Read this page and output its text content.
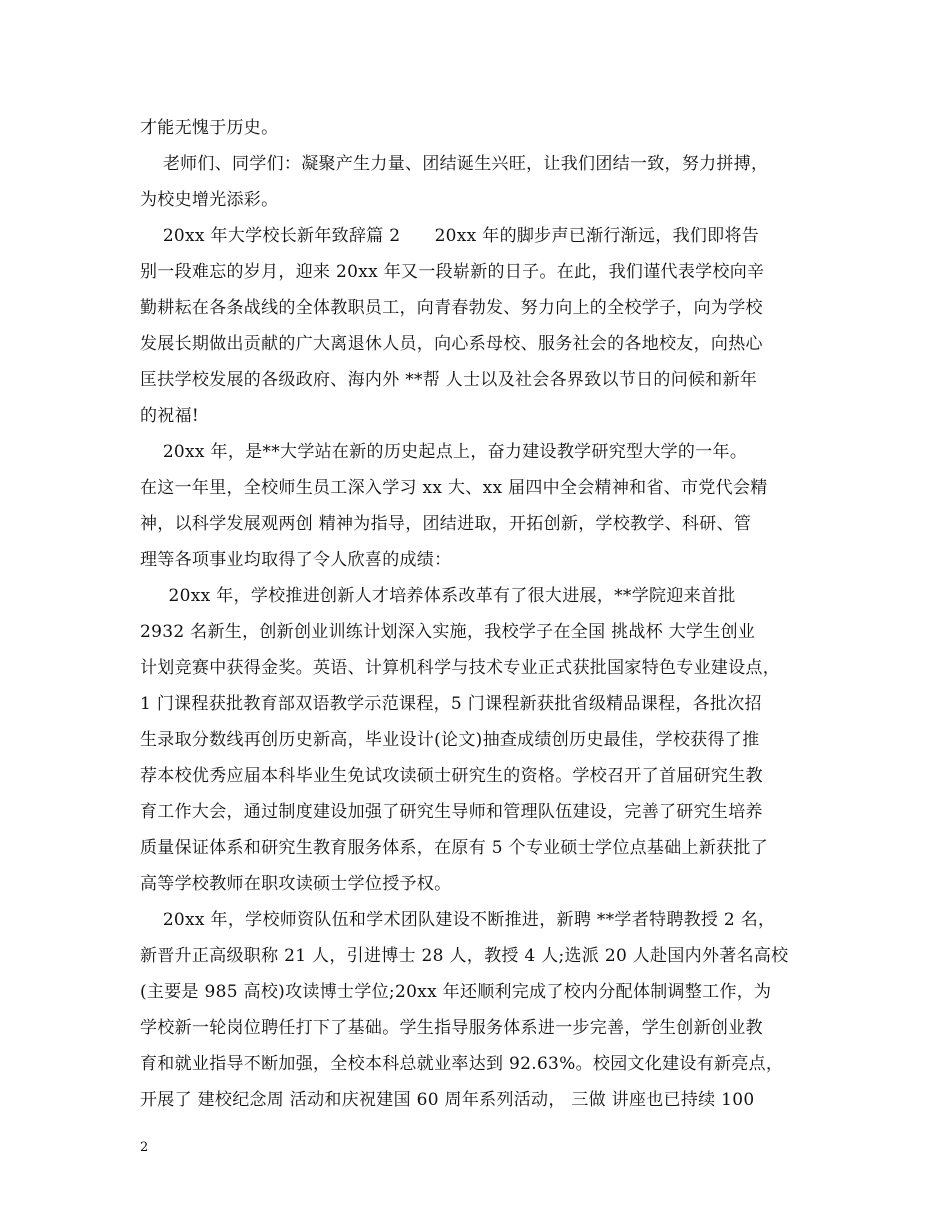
才能无愧于历史。
老师们、同学们：凝聚产生力量、团结诞生兴旺，让我们团结一致，努力拼搏，
为校史增光添彩。
20xx 年大学校长新年致辞篇 2      20xx 年的脚步声已渐行渐远，我们即将告
别一段难忘的岁月，迎来 20xx 年又一段崭新的日子。在此，我们谨代表学校向辛
勤耕耘在各条战线的全体教职员工，向青春勃发、努力向上的全校学子，向为学校
发展长期做出贡献的广大离退休人员，向心系母校、服务社会的各地校友，向热心
匡扶学校发展的各级政府、海内外 **帮 人士以及社会各界致以节日的问候和新年
的祝福!
20xx 年，是**大学站在新的历史起点上，奋力建设教学研究型大学的一年。
在这一年里，全校师生员工深入学习 xx 大、xx 届四中全会精神和省、市党代会精
神，以科学发展观两创 精神为指导，团结进取，开拓创新，学校教学、科研、管
理等各项事业均取得了令人欣喜的成绩：
20xx 年，学校推进创新人才培养体系改革有了很大进展，**学院迎来首批
2932 名新生，创新创业训练计划深入实施，我校学子在全国 挑战杯 大学生创业
计划竞赛中获得金奖。英语、计算机科学与技术专业正式获批国家特色专业建设点，
1 门课程获批教育部双语教学示范课程，5 门课程新获批省级精品课程，各批次招
生录取分数线再创历史新高，毕业设计(论文)抽查成绩创历史最佳，学校获得了推
荐本校优秀应届本科毕业生免试攻读硕士研究生的资格。学校召开了首届研究生教
育工作大会，通过制度建设加强了研究生导师和管理队伍建设，完善了研究生培养
质量保证体系和研究生教育服务体系，在原有 5 个专业硕士学位点基础上新获批了
高等学校教师在职攻读硕士学位授予权。
20xx 年，学校师资队伍和学术团队建设不断推进，新聘 **学者特聘教授 2 名，
新晋升正高级职称 21 人，引进博士 28 人，教授 4 人;选派 20 人赴国内外著名高校
(主要是 985 高校)攻读博士学位;20xx 年还顺利完成了校内分配体制调整工作，为
学校新一轮岗位聘任打下了基础。学生指导服务体系进一步完善，学生创新创业教
育和就业指导不断加强，全校本科总就业率达到 92.63%。校园文化建设有新亮点，
开展了 建校纪念周 活动和庆祝建国 60 周年系列活动， 三做 讲座也已持续 100
2
